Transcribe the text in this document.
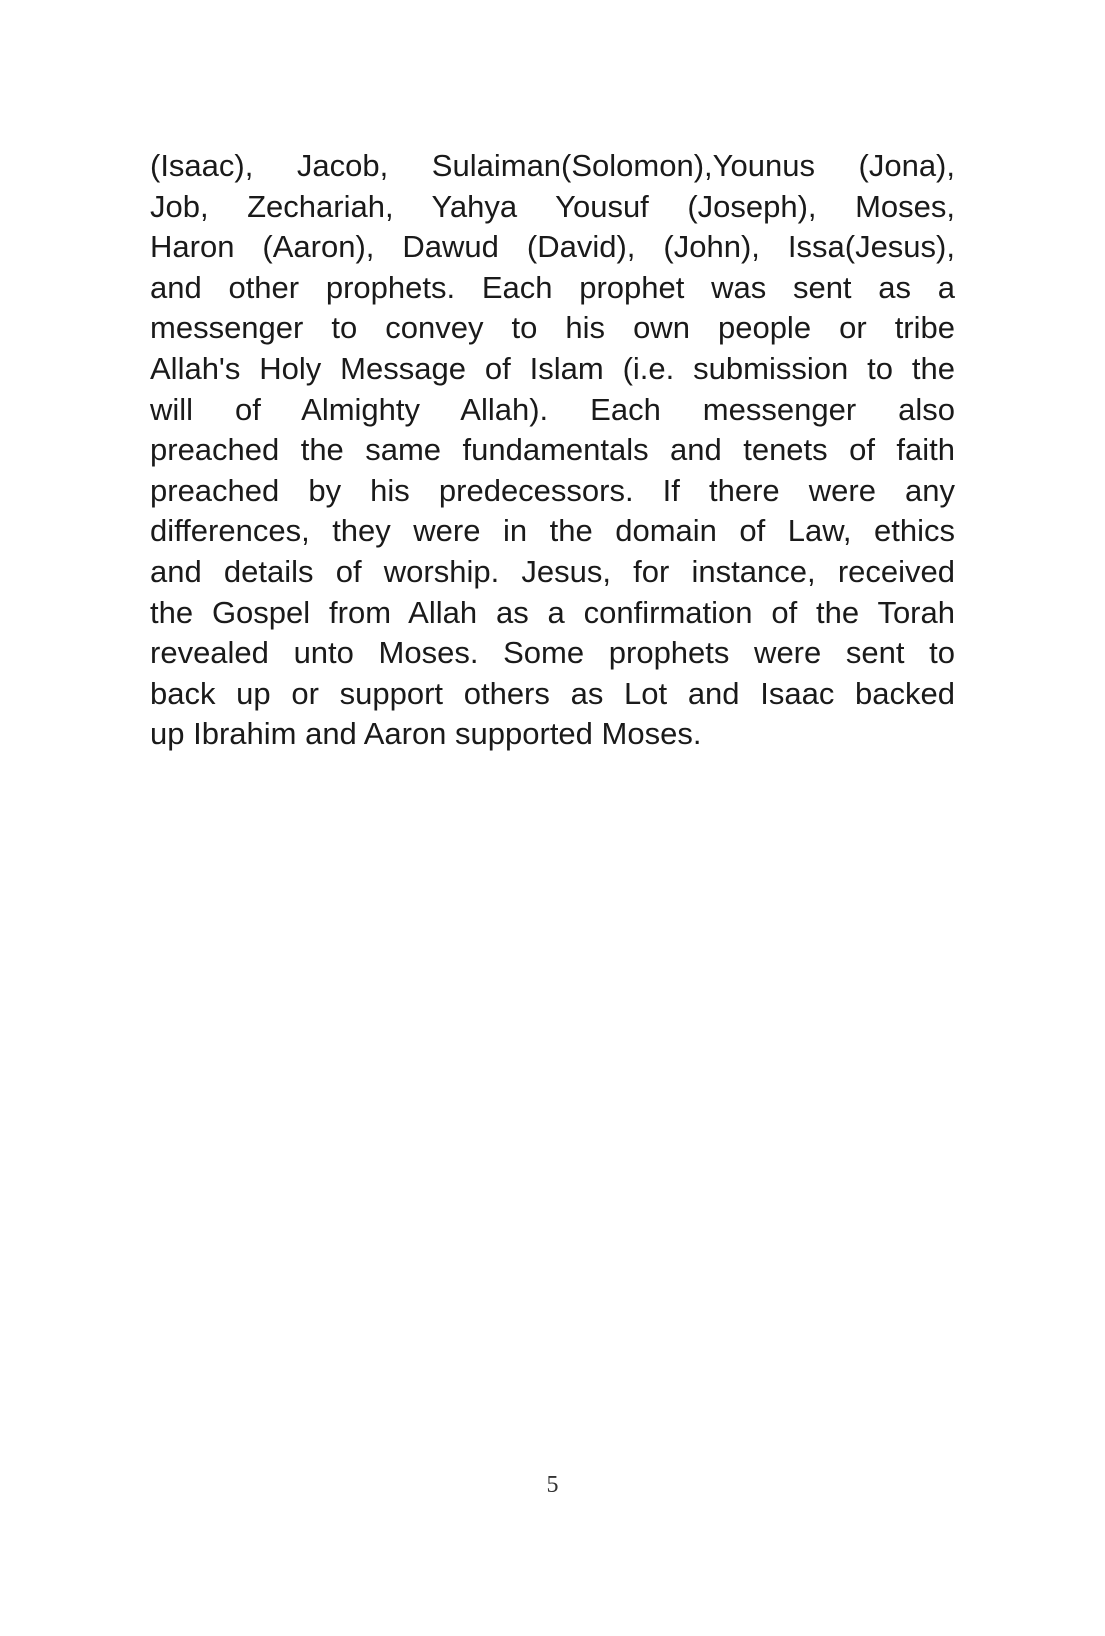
(Isaac), Jacob, Sulaiman(Solomon),Younus (Jona),
Job, Zechariah, Yahya Yousuf (Joseph), Moses,
Haron (Aaron), Dawud (David), (John), Issa(Jesus),
and other prophets. Each prophet was sent as a
messenger to convey to his own people or tribe
Allah's Holy Message of Islam (i.e. submission to the
will of Almighty Allah). Each messenger also
preached the same fundamentals and tenets of faith
preached by his predecessors. If there were any
differences, they were in the domain of Law, ethics
and details of worship. Jesus, for instance, received
the Gospel from Allah as a confirmation of the Torah
revealed unto Moses. Some prophets were sent to
back up or support others as Lot and Isaac backed
up Ibrahim and Aaron supported Moses.

5
